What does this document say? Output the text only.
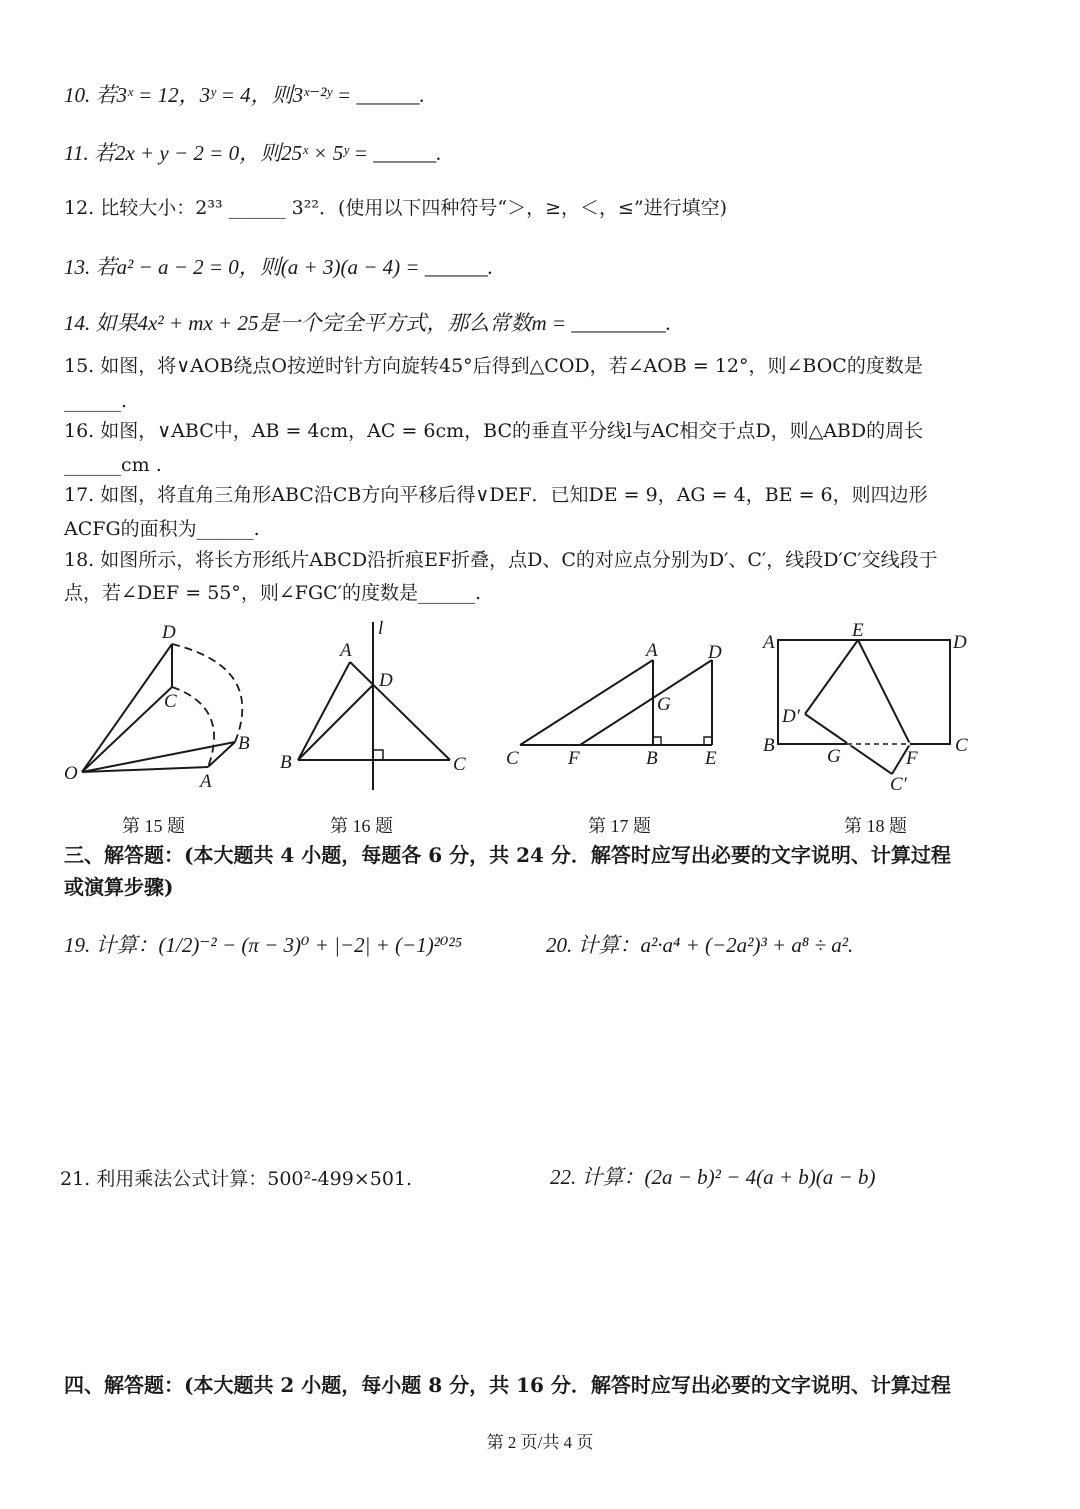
10. 若3ˣ = 12，3ʸ = 4，则3ˣ⁻²ʸ = ______.
11. 若2x + y − 2 = 0，则25ˣ × 5ʸ = ______.
12. 比较大小：2³³ ______ 3²²．(使用以下四种符号“＞，≥，＜，≤”进行填空)
13. 若a² − a − 2 = 0，则(a + 3)(a − 4) = ______.
14. 如果4x² + mx + 25是一个完全平方式，那么常数m = _________.
15. 如图，将∨AOB绕点O按逆时针方向旋转45°后得到△COD，若∠AOB = 12°，则∠BOC的度数是
______.
16. 如图，∨ABC中，AB = 4cm，AC = 6cm，BC的垂直平分线l与AC相交于点D，则△ABD的周长
______cm .
17. 如图，将直角三角形ABC沿CB方向平移后得∨DEF．已知DE = 9，AG = 4，BE = 6，则四边形
ACFG的面积为______.
18. 如图所示，将长方形纸片ABCD沿折痕EF折叠，点D、C的对应点分别为D′、C′，线段D′C′交线段于
点，若∠DEF = 55°，则∠FGC′的度数是______.
D
C
B
A
O
第 15 题
l
A
D
B	C
第 16 题
A	D
G
C	F	B E
第 17 题
A
E
D
D′
B
G	F
C
C′
第 18 题
三、解答题：(本大题共 4 小题，每题各 6 分，共 24 分．解答时应写出必要的文字说明、计算过程
或演算步骤)
19. 计算：(1/2)⁻² − (π − 3)⁰ + |−2| + (−1)²⁰²⁵	20. 计算：a²·a⁴ + (−2a²)³ + a⁸ ÷ a².
21. 利用乘法公式计算：500²-499×501.	22. 计算：(2a − b)² − 4(a + b)(a − b)
四、解答题：(本大题共 2 小题，每小题 8 分，共 16 分．解答时应写出必要的文字说明、计算过程
第 2 页/共 4 页
